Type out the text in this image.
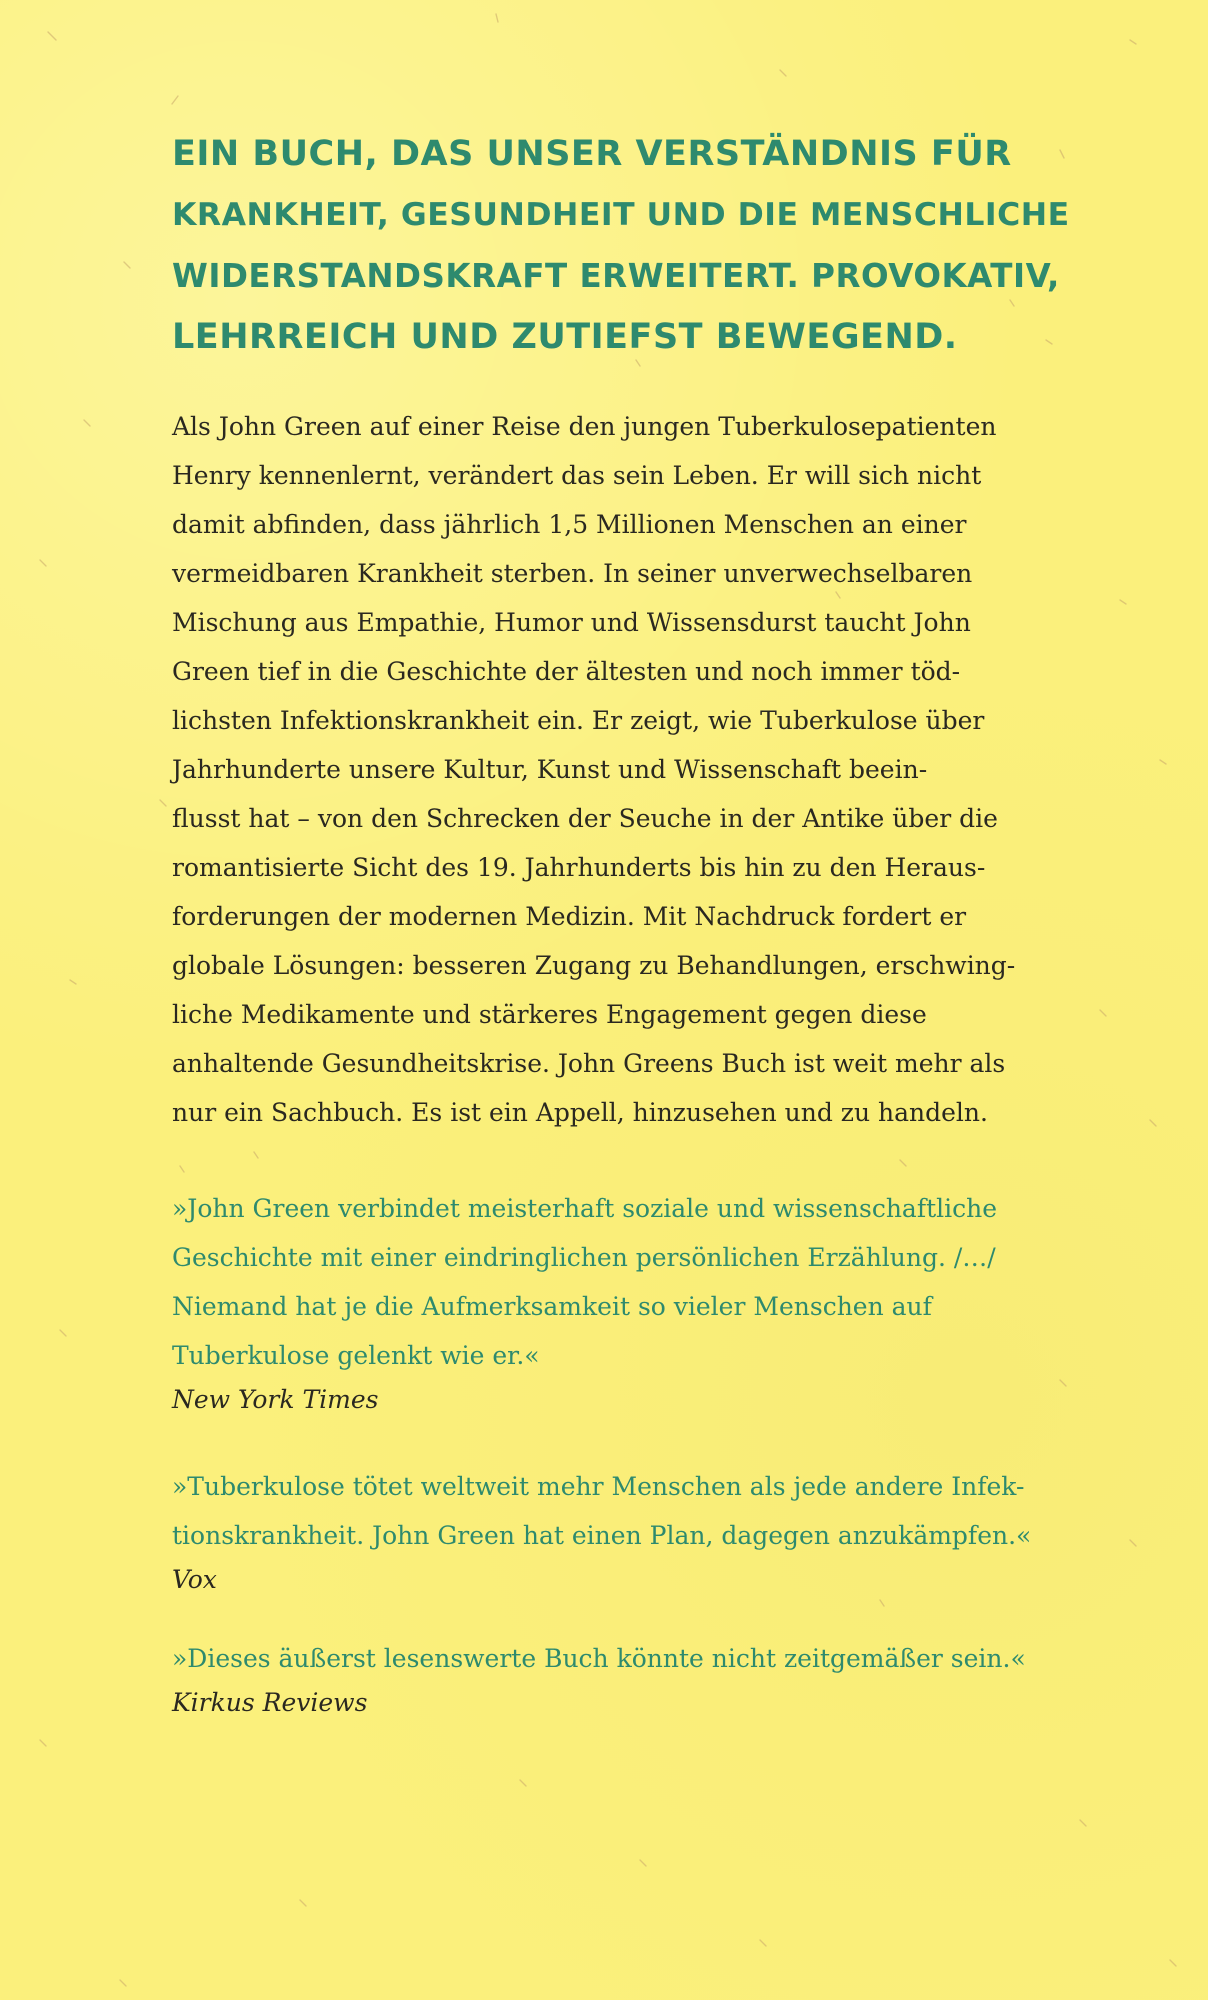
EIN BUCH, DAS UNSER VERSTÄNDNIS FÜR
KRANKHEIT, GESUNDHEIT UND DIE MENSCHLICHE
WIDERSTANDSKRAFT ERWEITERT. PROVOKATIV,
LEHRREICH UND ZUTIEFST BEWEGEND.
Als John Green auf einer Reise den jungen Tuberkulosepatienten
Henry kennenlernt, verändert das sein Leben. Er will sich nicht
damit abfinden, dass jährlich 1,5 Millionen Menschen an einer
vermeidbaren Krankheit sterben. In seiner unverwechselbaren
Mischung aus Empathie, Humor und Wissensdurst taucht John
Green tief in die Geschichte der ältesten und noch immer töd-
lichsten Infektionskrankheit ein. Er zeigt, wie Tuberkulose über
Jahrhunderte unsere Kultur, Kunst und Wissenschaft beein-
flusst hat – von den Schrecken der Seuche in der Antike über die
romantisierte Sicht des 19. Jahrhunderts bis hin zu den Heraus-
forderungen der modernen Medizin. Mit Nachdruck fordert er
globale Lösungen: besseren Zugang zu Behandlungen, erschwing-
liche Medikamente und stärkeres Engagement gegen diese
anhaltende Gesundheitskrise. John Greens Buch ist weit mehr als
nur ein Sachbuch. Es ist ein Appell, hinzusehen und zu handeln.
»John Green verbindet meisterhaft soziale und wissenschaftliche
Geschichte mit einer eindringlichen persönlichen Erzählung. /…/
Niemand hat je die Aufmerksamkeit so vieler Menschen auf
Tuberkulose gelenkt wie er.«
New York Times
»Tuberkulose tötet weltweit mehr Menschen als jede andere Infek-
tionskrankheit. John Green hat einen Plan, dagegen anzukämpfen.«
Vox
»Dieses äußerst lesenswerte Buch könnte nicht zeitgemäßer sein.«
Kirkus Reviews
